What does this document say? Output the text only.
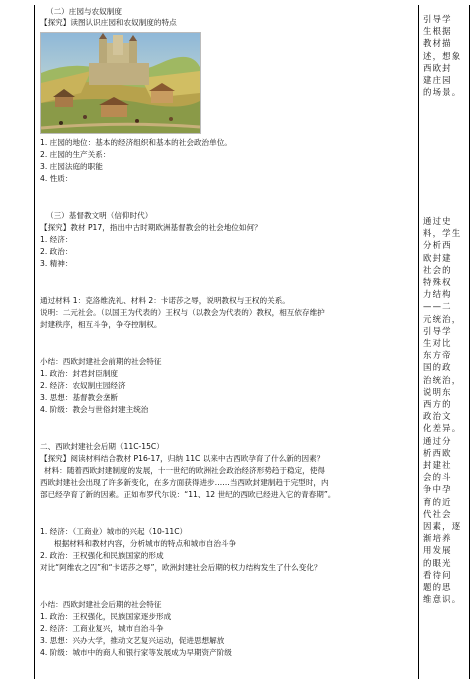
（二）庄园与农奴制度
【探究】读图认识庄园和农奴制度的特点
1. 庄园的地位：基本的经济组织和基本的社会政治单位。
2. 庄园的生产关系：
3. 庄园法庭的职能
4. 性质：
（三）基督教文明（信仰时代）
【探究】教材 P17，指出中古时期欧洲基督教会的社会地位如何？
1. 经济：
2. 政治：
3. 精神：
通过材料 1：克洛维洗礼、材料 2：卡诺莎之辱，说明教权与王权的关系。
说明：二元社会。（以国王为代表的）王权与（以教会为代表的）教权，相互依存维护
封建秩序，相互斗争，争夺控制权。
小结：西欧封建社会前期的社会特征
1. 政治：封君封臣制度
2. 经济：农奴制庄园经济
3. 思想：基督教会垄断
4. 阶级：教会与世俗封建主统治
二、西欧封建社会后期（11C-15C）
【探究】阅读材料结合教材 P16-17，归纳 11C 以来中古西欧孕育了什么新的因素？
材料：随着西欧封建制度的发展，十一世纪的欧洲社会政治经济形势趋于稳定，使得
西欧封建社会出现了许多新变化，在多方面获得进步……当西欧封建制趋于完型时，内
部已经孕育了新的因素。正如布罗代尔说：“11、12 世纪的西欧已经进入它的青春期”。
1. 经济：（工商业）城市的兴起（10-11C）
根据材料和教材内容，分析城市的特点和城市自治斗争
2. 政治：王权强化和民族国家的形成
对比“阿维农之囚”和“卡诺莎之辱”，欧洲封建社会后期的权力结构发生了什么变化？
小结：西欧封建社会后期的社会特征
1. 政治：王权强化，民族国家逐步形成
2. 经济：工商业复兴，城市自治斗争
3. 思想：兴办大学，推动文艺复兴运动，促进思想解放
4. 阶级：城市中的商人和银行家等发展成为早期资产阶级
引导学
生根据
教材描
述，想象
西欧封
建庄园
的场景。
通过史
料，学生
分析西
欧封建
社会的
特殊权
力结构
——二
元统治，
引导学
生对比
东方帝
国的政
治统治，
说明东
西方的
政治文
化差异。
通过分
析西欧
封建社
会的斗
争中孕
育的近
代社会
因素，逐
渐培养
用发展
的眼光
看待问
题的思
维意识。
